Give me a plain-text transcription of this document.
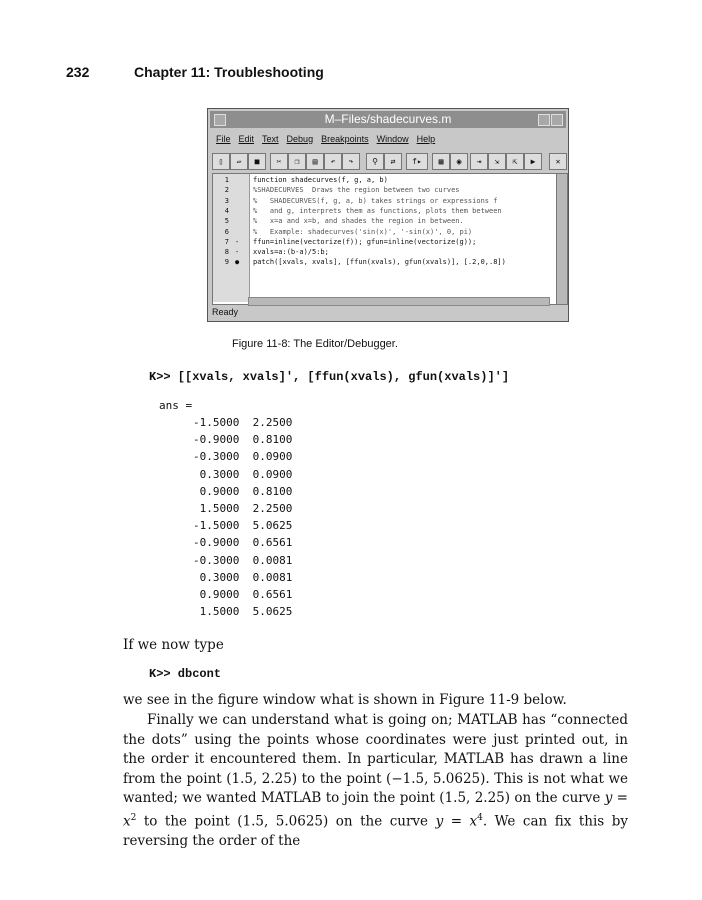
232	Chapter 11: Troubleshooting
M–Files/shadecurves.m
File Edit Text Debug Breakpoints Window Help
▯	▱	■	✂	❐	▤	↶	↷	⚲	⇄	f▸	▦	◉	⇥	⇲	⇱	▶	✕
1	function shadecurves(f, g, a, b)
2	%SHADECURVES  Draws the region between two curves
3	%   SHADECURVES(f, g, a, b) takes strings or expressions f
4	%   and g, interprets them as functions, plots them between
5	%   x=a and x=b, and shades the region in between.
6	%   Example: shadecurves('sin(x)', '-sin(x)', 0, pi)
7 - ffun=inline(vectorize(f)); gfun=inline(vectorize(g));
8 - xvals=a:(b-a)/5:b;
9 ● patch([xvals, xvals], [ffun(xvals), gfun(xvals)], [.2,0,.8])
Ready
Figure 11-8: The Editor/Debugger.
K>> [[xvals, xvals]', [ffun(xvals), gfun(xvals)]']
ans =
-1.5000  2.2500
-0.9000  0.8100
-0.3000  0.0900
0.3000  0.0900
0.9000  0.8100
1.5000  2.2500
-1.5000  5.0625
-0.9000  0.6561
-0.3000  0.0081
0.3000  0.0081
0.9000  0.6561
1.5000  5.0625
If we now type
K>> dbcont
we see in the figure window what is shown in Figure 11-9 below.
Finally we can understand what is going on; MATLAB has “connected the dots” using the points whose coordinates were just printed out, in the order it encountered them. In particular, MATLAB has drawn a line from the point (1.5, 2.25) to the point (−1.5, 5.0625). This is not what we wanted; we wanted MATLAB to join the point (1.5, 2.25) on the curve $y = x^2$ to the point (1.5, 5.0625) on the curve $y = x^4$. We can fix this by reversing the order of the
